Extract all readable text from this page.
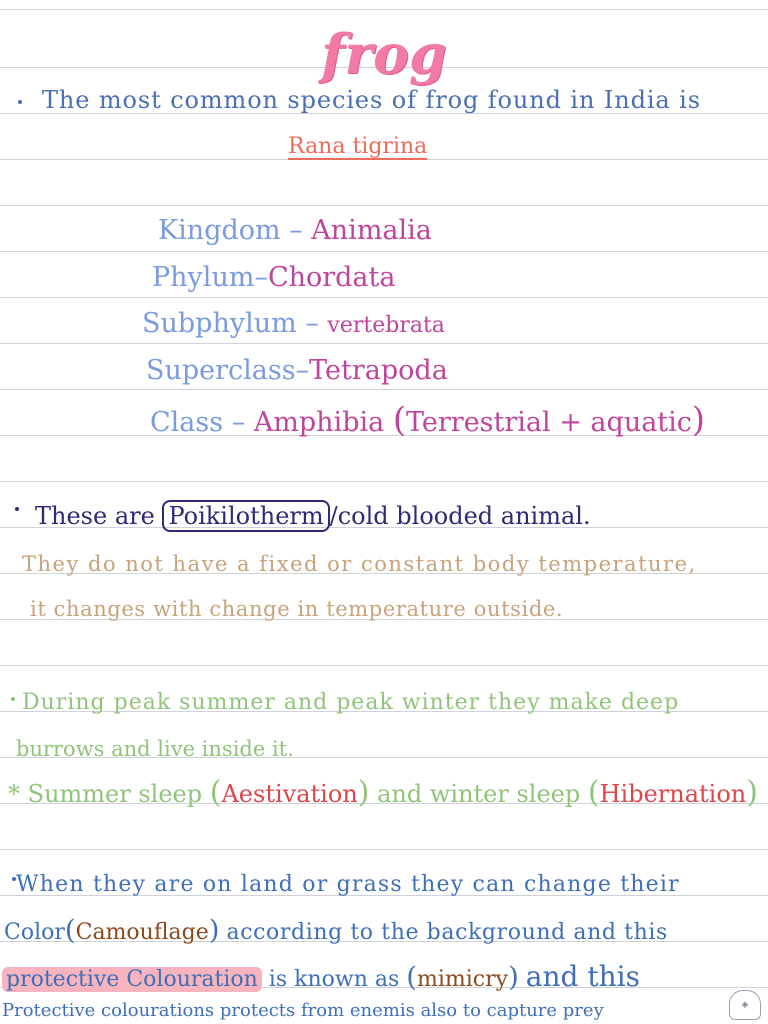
frog
The most common species of frog found in India is
Rana tigrina
Kingdom – Animalia
Phylum–Chordata
Subphylum – vertebrata
Superclass–Tetrapoda
Class – Amphibia (Terrestrial + aquatic)
These are Poikilotherm /cold blooded animal.
They do not have a fixed or constant body temperature,
it changes with change in temperature outside.
During peak summer and peak winter they make deep
burrows and live inside it.
* Summer sleep (Aestivation) and winter sleep (Hibernation)
When they are on land or grass they can change their
Color(Camouflage) according to the background and this
protective Colouration is known as (mimicry) and this
Protective colourations protects from enemis also to capture prey	◈
